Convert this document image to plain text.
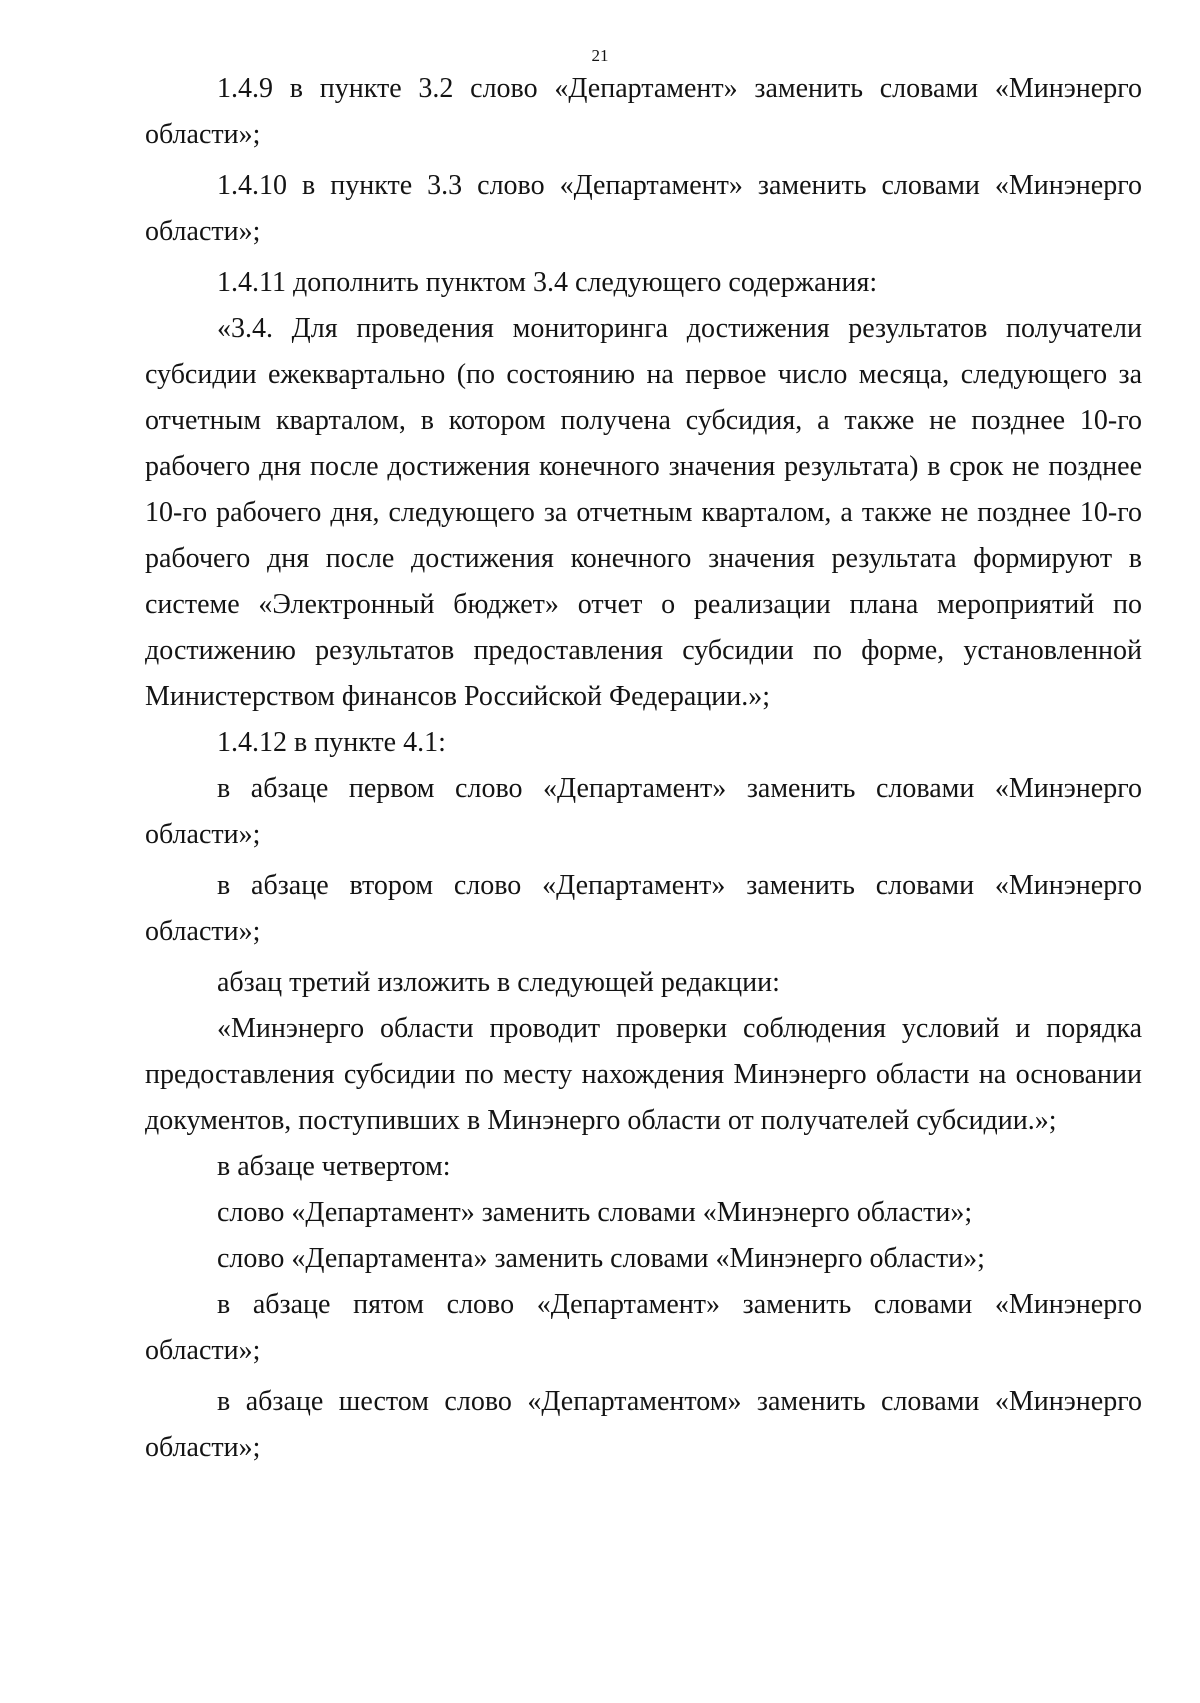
21

1.4.9 в пункте 3.2 слово «Департамент» заменить словами «Минэнерго области»;

1.4.10 в пункте 3.3 слово «Департамент» заменить словами «Минэнерго области»;

1.4.11 дополнить пунктом 3.4 следующего содержания:

«3.4. Для проведения мониторинга достижения результатов получатели субсидии ежеквартально (по состоянию на первое число месяца, следующего за отчетным кварталом, в котором получена субсидия, а также не позднее 10-го рабочего дня после достижения конечного значения результата) в срок не позднее 10-го рабочего дня, следующего за отчетным кварталом, а также не позднее 10-го рабочего дня после достижения конечного значения результата формируют в системе «Электронный бюджет» отчет о реализации плана мероприятий по достижению результатов предоставления субсидии по форме, установленной Министерством финансов Российской Федерации.»;

1.4.12 в пункте 4.1:

в абзаце первом слово «Департамент» заменить словами «Минэнерго области»;

в абзаце втором слово «Департамент» заменить словами «Минэнерго области»;

абзац третий изложить в следующей редакции:

«Минэнерго области проводит проверки соблюдения условий и порядка предоставления субсидии по месту нахождения Минэнерго области на основании документов, поступивших в Минэнерго области от получателей субсидии.»;

в абзаце четвертом:

слово «Департамент» заменить словами «Минэнерго области»;

слово «Департамента» заменить словами «Минэнерго области»;

в абзаце пятом слово «Департамент» заменить словами «Минэнерго области»;

в абзаце шестом слово «Департаментом» заменить словами «Минэнерго области»;
